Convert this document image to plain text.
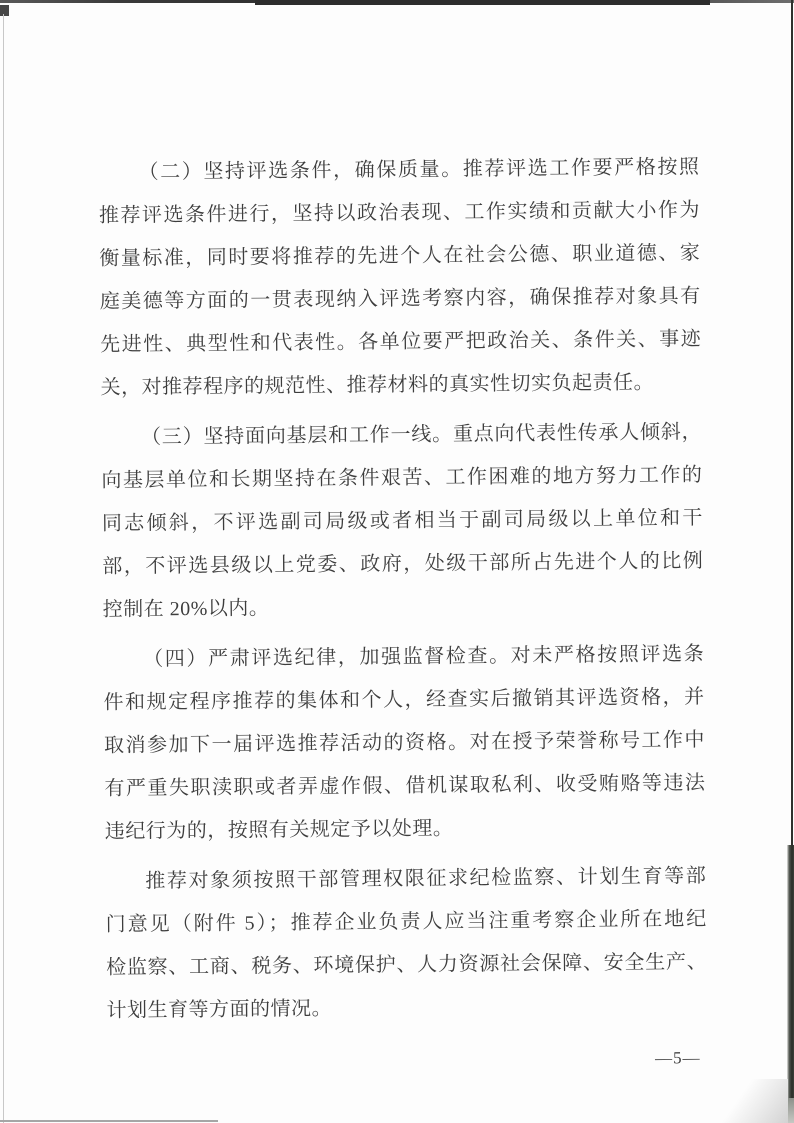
（二）坚持评选条件，确保质量。推荐评选工作要严格按照
推荐评选条件进行，坚持以政治表现、工作实绩和贡献大小作为
衡量标准，同时要将推荐的先进个人在社会公德、职业道德、家
庭美德等方面的一贯表现纳入评选考察内容，确保推荐对象具有
先进性、典型性和代表性。各单位要严把政治关、条件关、事迹
关，对推荐程序的规范性、推荐材料的真实性切实负起责任。
（三）坚持面向基层和工作一线。重点向代表性传承人倾斜，
向基层单位和长期坚持在条件艰苦、工作困难的地方努力工作的
同志倾斜，不评选副司局级或者相当于副司局级以上单位和干
部，不评选县级以上党委、政府，处级干部所占先进个人的比例
控制在 20%以内。
（四）严肃评选纪律，加强监督检查。对未严格按照评选条
件和规定程序推荐的集体和个人，经查实后撤销其评选资格，并
取消参加下一届评选推荐活动的资格。对在授予荣誉称号工作中
有严重失职渎职或者弄虚作假、借机谋取私利、收受贿赂等违法
违纪行为的，按照有关规定予以处理。
推荐对象须按照干部管理权限征求纪检监察、计划生育等部
门意见（附件 5）；推荐企业负责人应当注重考察企业所在地纪
检监察、工商、税务、环境保护、人力资源社会保障、安全生产、
计划生育等方面的情况。
—5—
